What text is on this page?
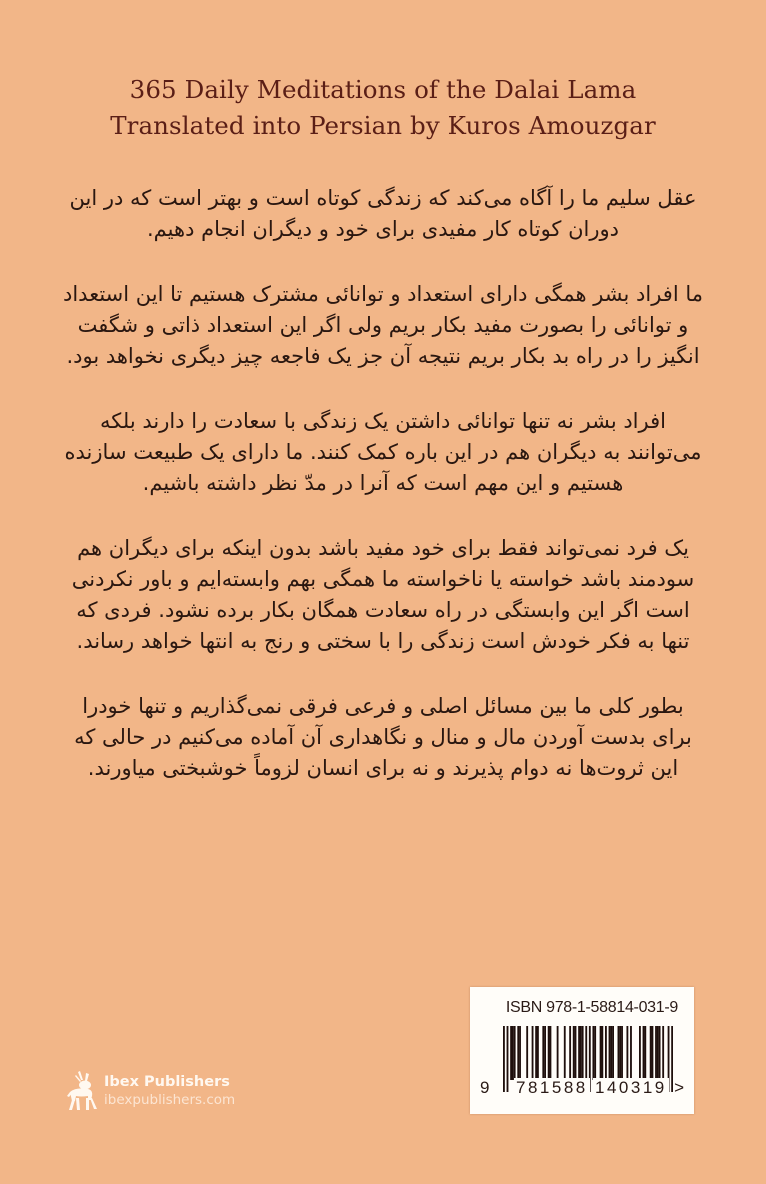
365 Daily Meditations of the Dalai Lama
Translated into Persian by Kuros Amouzgar

عقل سلیم ما را آگاه می‌کند که زندگی کوتاه است و بهتر است که در این دوران کوتاه کار مفیدی برای خود و دیگران انجام دهیم.

ما افراد بشر همگی دارای استعداد و توانائی مشترک هستیم تا این استعداد و توانائی را بصورت مفید بکار بریم ولی اگر این استعداد ذاتی و شگفت انگیز را در راه بد بکار بریم نتیجه آن جز یک فاجعه چیز دیگری نخواهد بود.

افراد بشر نه تنها توانائی داشتن یک زندگی با سعادت را دارند بلکه می‌توانند به دیگران هم در این باره کمک کنند. ما دارای یک طبیعت سازنده هستیم و این مهم است که آنرا در مدّ نظر داشته باشیم.

یک فرد نمی‌تواند فقط برای خود مفید باشد بدون اینکه برای دیگران هم سودمند باشد خواسته یا ناخواسته ما همگی بهم وابسته‌ایم و باور نکردنی است اگر این وابستگی در راه سعادت همگان بکار برده نشود. فردی که تنها به فکر خودش است زندگی را با سختی و رنج به انتها خواهد رساند.

بطور کلی ما بین مسائل اصلی و فرعی فرقی نمی‌گذاریم و تنها خودرا برای بدست آوردن مال و منال و نگاهداری آن آماده می‌کنیم در حالی که این ثروت‌ها نه دوام پذیرند و نه برای انسان لزوماً خوشبختی میاورند.

Ibex Publishers
ibexpublishers.com
ISBN 978-1-58814-031-9
9 781588 140319 >
